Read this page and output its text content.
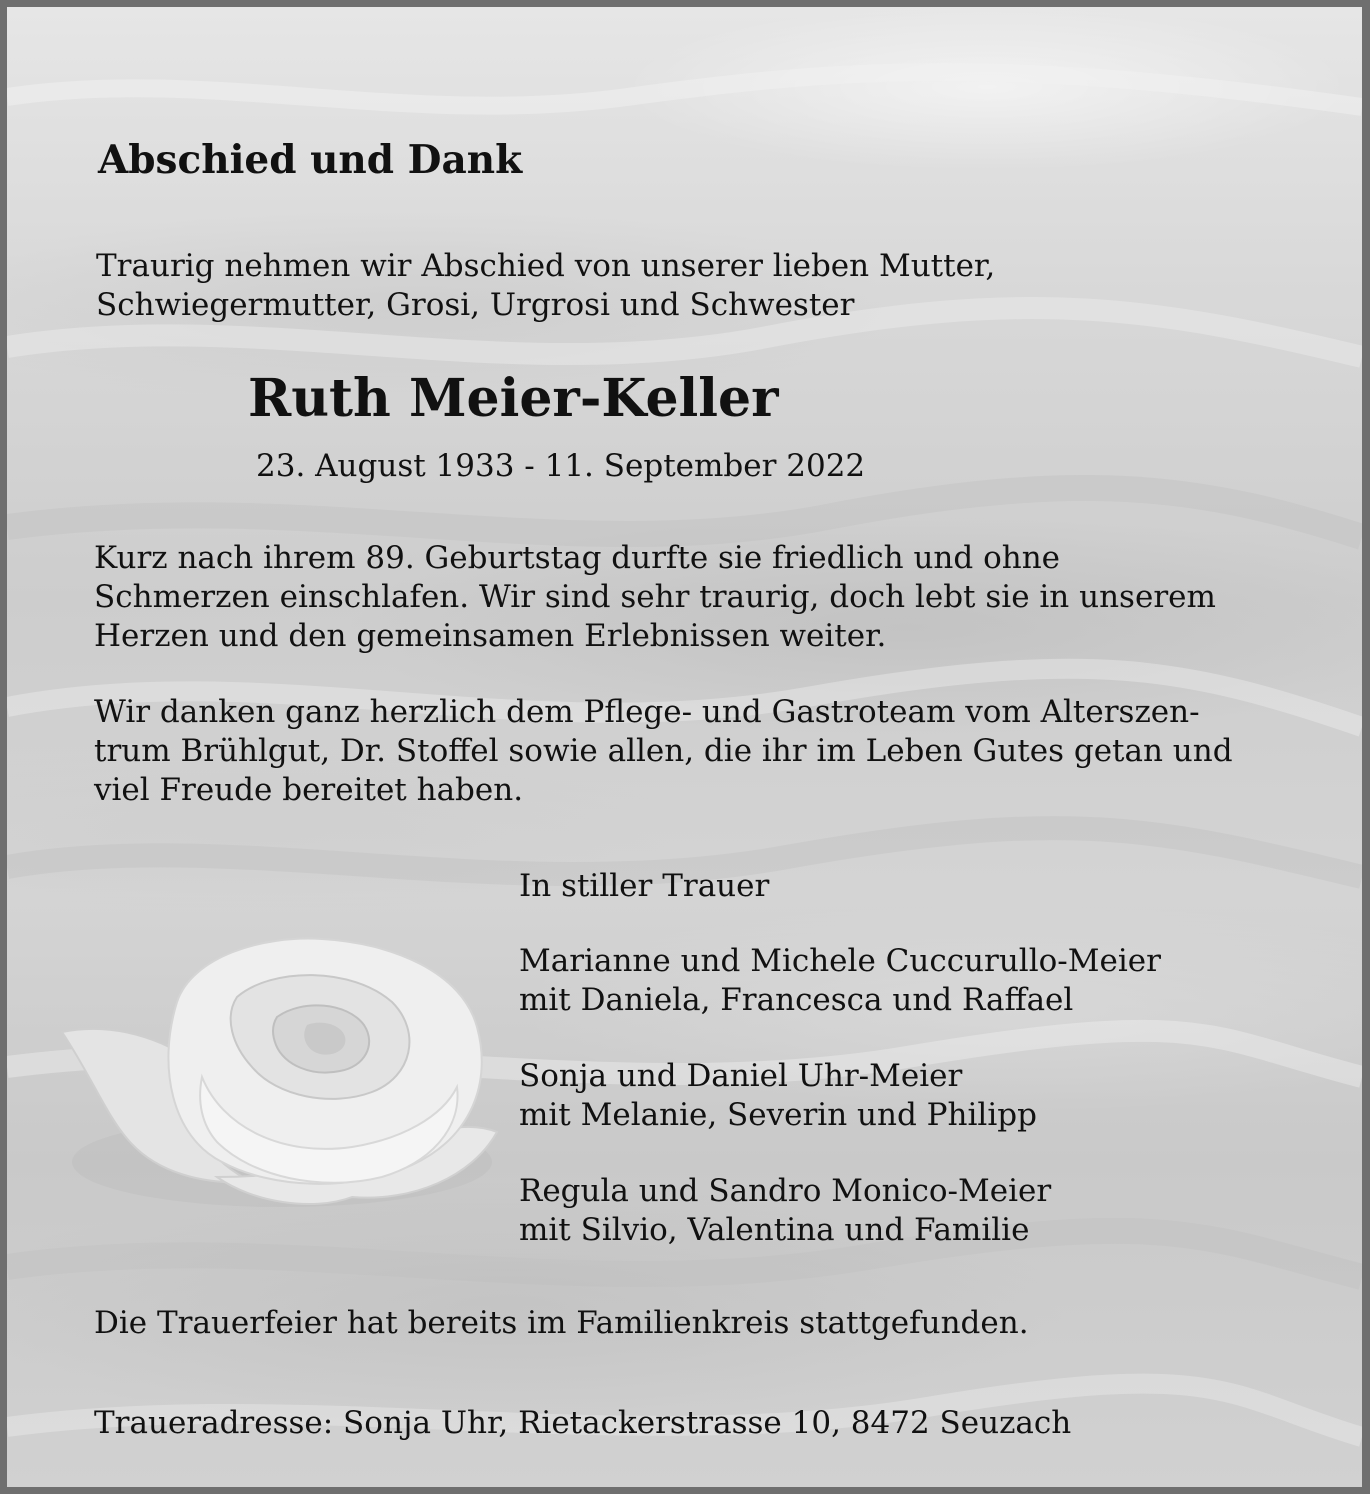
Abschied und Dank

Traurig nehmen wir Abschied von unserer lieben Mutter,
Schwiegermutter, Grosi, Urgrosi und Schwester

Ruth Meier-Keller

23. August 1933 - 11. September 2022

Kurz nach ihrem 89. Geburtstag durfte sie friedlich und ohne
Schmerzen einschlafen. Wir sind sehr traurig, doch lebt sie in unserem
Herzen und den gemeinsamen Erlebnissen weiter.

Wir danken ganz herzlich dem Pflege- und Gastroteam vom Alterszen-
trum Brühlgut, Dr. Stoffel sowie allen, die ihr im Leben Gutes getan und
viel Freude bereitet haben.

In stiller Trauer

Marianne und Michele Cuccurullo-Meier
mit Daniela, Francesca und Raffael

Sonja und Daniel Uhr-Meier
mit Melanie, Severin und Philipp

Regula und Sandro Monico-Meier
mit Silvio, Valentina und Familie

Die Trauerfeier hat bereits im Familienkreis stattgefunden.

Traueradresse: Sonja Uhr, Rietackerstrasse 10, 8472 Seuzach
